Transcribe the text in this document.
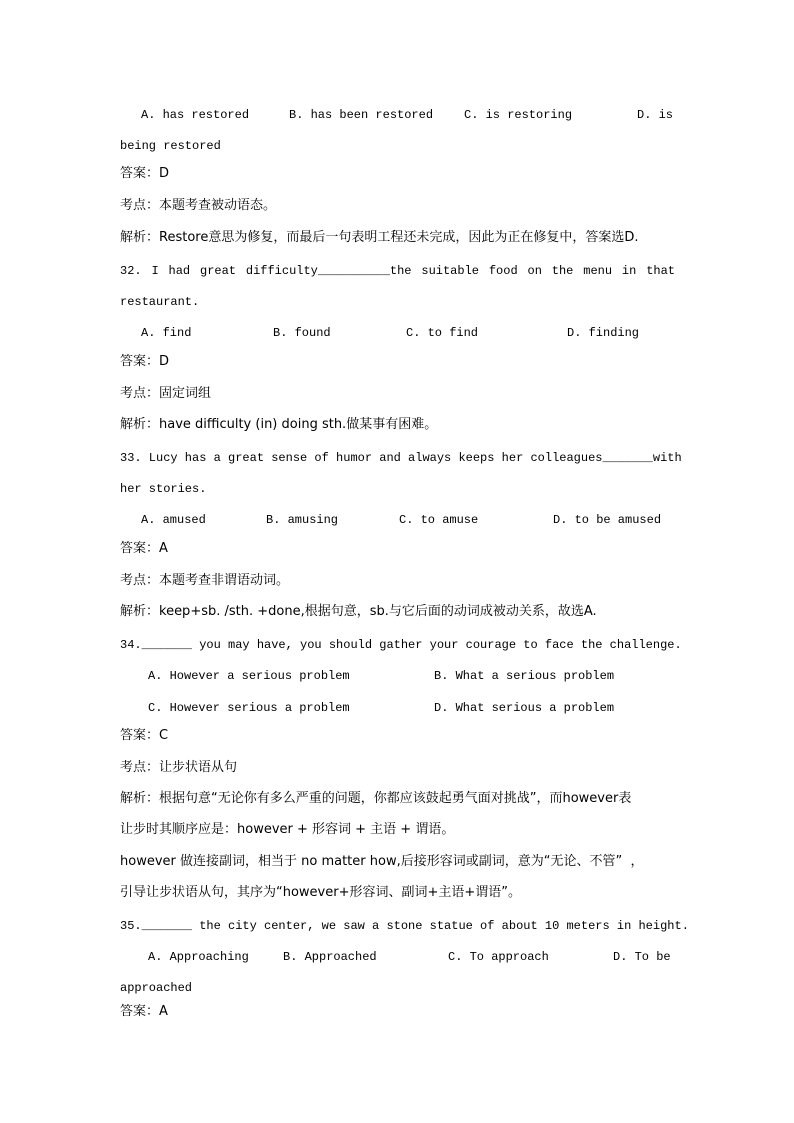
A. has restored	B. has been restored	C. is restoring	D. is
being restored
答案：D
考点：本题考查被动语态。
解析：Restore意思为修复，而最后一句表明工程还未完成，因此为正在修复中，答案选D.
32. I had great difficulty__________the suitable food on the menu in that
restaurant.
A. find	B. found	C. to find	D. finding
答案：D
考点：固定词组
解析：have difficulty (in) doing sth.做某事有困难。
33. Lucy has a great sense of humor and always keeps her colleagues_______with
her stories.
A. amused	B. amusing	C. to amuse	D. to be amused
答案：A
考点：本题考查非谓语动词。
解析：keep+sb. /sth. +done,根据句意，sb.与它后面的动词成被动关系，故选A.
34._______ you may have, you should gather your courage to face the challenge.
A. However a serious problem	B. What a serious problem
C. However serious a problem	D. What serious a problem
答案：C
考点：让步状语从句
解析：根据句意“无论你有多么严重的问题，你都应该鼓起勇气面对挑战”，而however表
让步时其顺序应是：however + 形容词 + 主语 + 谓语。
however 做连接副词，相当于 no matter how,后接形容词或副词，意为“无论、不管”  ，
引导让步状语从句，其序为“however+形容词、副词+主语+谓语”。
35._______ the city center, we saw a stone statue of about 10 meters in height.
A. Approaching	B. Approached	C. To approach	D. To be
approached
答案：A
